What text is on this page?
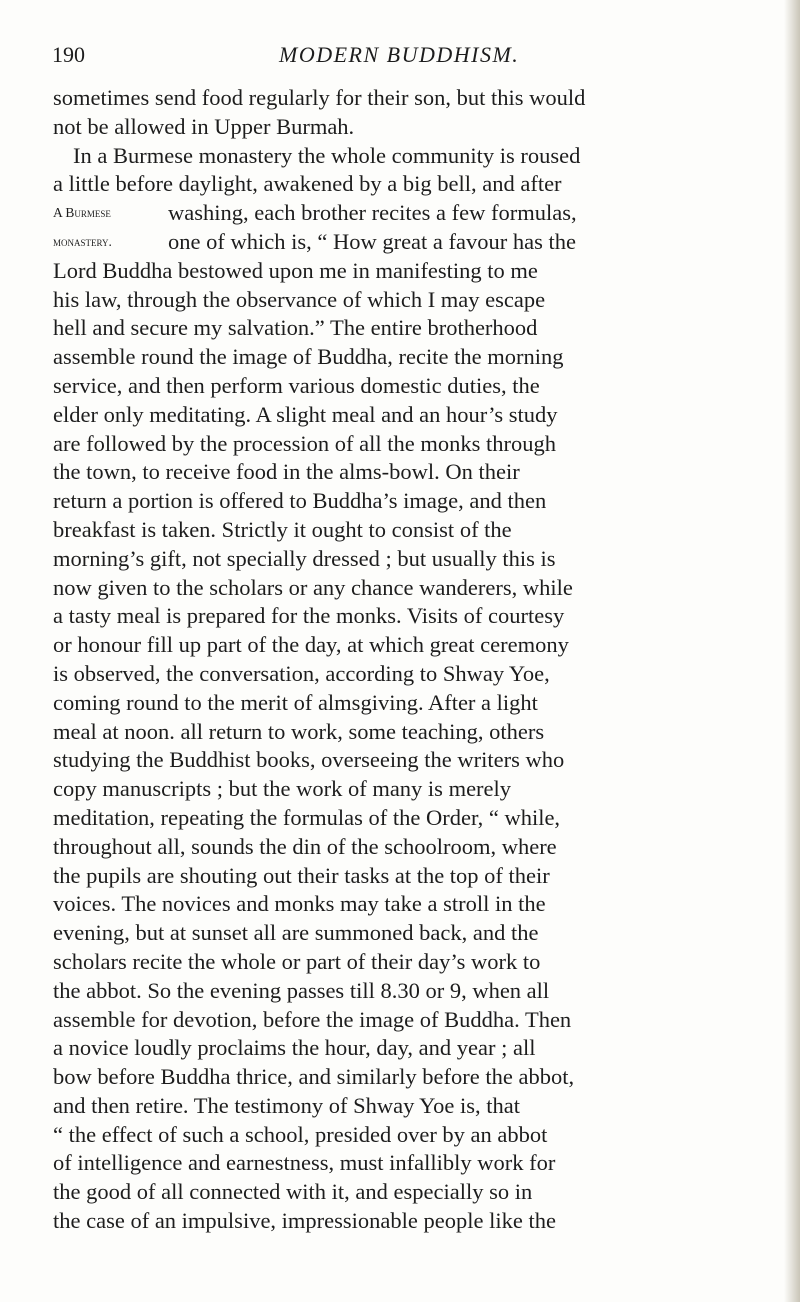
190	MODERN BUDDHISM.
sometimes send food regularly for their son, but this would
not be allowed in Upper Burmah.
In a Burmese monastery the whole community is roused
a little before daylight, awakened by a big bell, and after
A Burmese	washing, each brother recites a few formulas,
monastery. one of which is, “ How great a favour has the
Lord Buddha bestowed upon me in manifesting to me
his law, through the observance of which I may escape
hell and secure my salvation.” The entire brotherhood
assemble round the image of Buddha, recite the morning
service, and then perform various domestic duties, the
elder only meditating. A slight meal and an hour’s study
are followed by the procession of all the monks through
the town, to receive food in the alms-bowl. On their
return a portion is offered to Buddha’s image, and then
breakfast is taken. Strictly it ought to consist of the
morning’s gift, not specially dressed ; but usually this is
now given to the scholars or any chance wanderers, while
a tasty meal is prepared for the monks. Visits of courtesy
or honour fill up part of the day, at which great ceremony
is observed, the conversation, according to Shway Yoe,
coming round to the merit of almsgiving. After a light
meal at noon. all return to work, some teaching, others
studying the Buddhist books, overseeing the writers who
copy manuscripts ; but the work of many is merely
meditation, repeating the formulas of the Order, “ while,
throughout all, sounds the din of the schoolroom, where
the pupils are shouting out their tasks at the top of their
voices. The novices and monks may take a stroll in the
evening, but at sunset all are summoned back, and the
scholars recite the whole or part of their day’s work to
the abbot. So the evening passes till 8.30 or 9, when all
assemble for devotion, before the image of Buddha. Then
a novice loudly proclaims the hour, day, and year ; all
bow before Buddha thrice, and similarly before the abbot,
and then retire. The testimony of Shway Yoe is, that
“ the effect of such a school, presided over by an abbot
of intelligence and earnestness, must infallibly work for
the good of all connected with it, and especially so in
the case of an impulsive, impressionable people like the
